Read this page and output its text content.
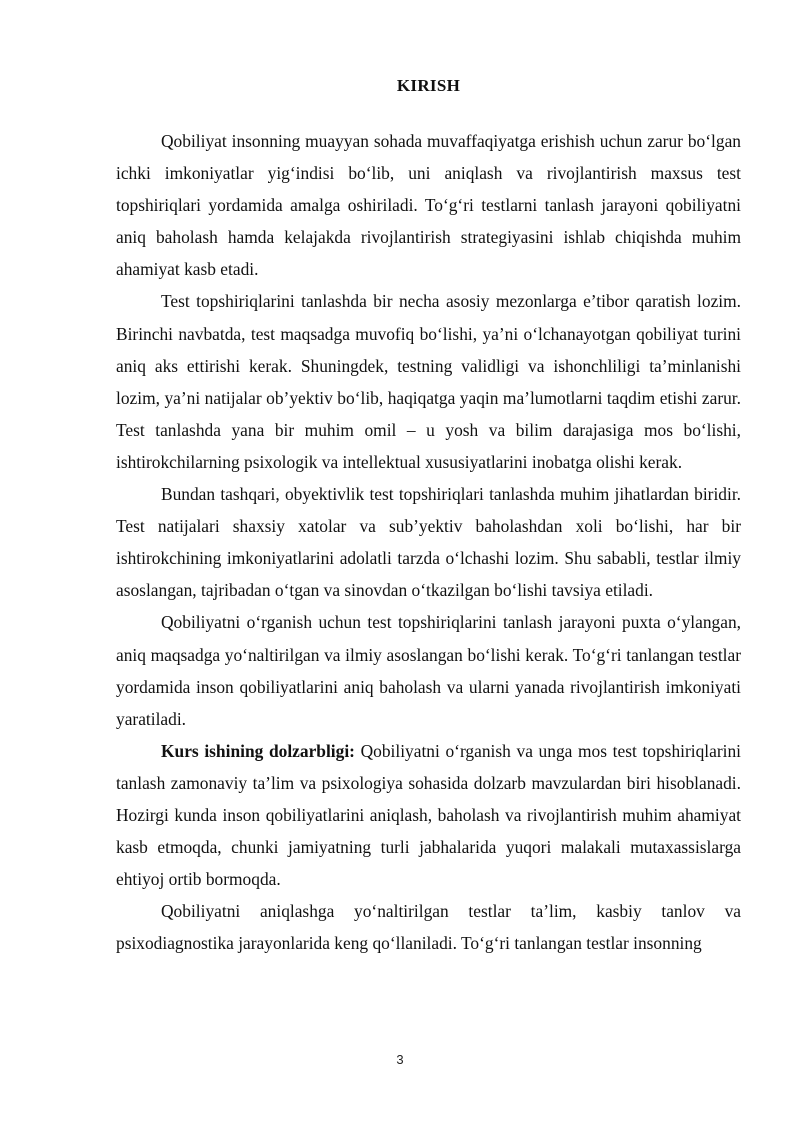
KIRISH

Qobiliyat insonning muayyan sohada muvaffaqiyatga erishish uchun zarur bo‘lgan ichki imkoniyatlar yig‘indisi bo‘lib, uni aniqlash va rivojlantirish maxsus test topshiriqlari yordamida amalga oshiriladi. To‘g‘ri testlarni tanlash jarayoni qobiliyatni aniq baholash hamda kelajakda rivojlantirish strategiyasini ishlab chiqishda muhim ahamiyat kasb etadi.

Test topshiriqlarini tanlashda bir necha asosiy mezonlarga e’tibor qaratish lozim. Birinchi navbatda, test maqsadga muvofiq bo‘lishi, ya’ni o‘lchanayotgan qobiliyat turini aniq aks ettirishi kerak. Shuningdek, testning validligi va ishonchliligi ta’minlanishi lozim, ya’ni natijalar ob’yektiv bo‘lib, haqiqatga yaqin ma’lumotlarni taqdim etishi zarur. Test tanlashda yana bir muhim omil – u yosh va bilim darajasiga mos bo‘lishi, ishtirokchilarning psixologik va intellektual xususiyatlarini inobatga olishi kerak.

Bundan tashqari, obyektivlik test topshiriqlari tanlashda muhim jihatlardan biridir. Test natijalari shaxsiy xatolar va sub’yektiv baholashdan xoli bo‘lishi, har bir ishtirokchining imkoniyatlarini adolatli tarzda o‘lchashi lozim. Shu sababli, testlar ilmiy asoslangan, tajribadan o‘tgan va sinovdan o‘tkazilgan bo‘lishi tavsiya etiladi.

Qobiliyatni o‘rganish uchun test topshiriqlarini tanlash jarayoni puxta o‘ylangan, aniq maqsadga yo‘naltirilgan va ilmiy asoslangan bo‘lishi kerak. To‘g‘ri tanlangan testlar yordamida inson qobiliyatlarini aniq baholash va ularni yanada rivojlantirish imkoniyati yaratiladi.

Kurs ishining dolzarbligi: Qobiliyatni o‘rganish va unga mos test topshiriqlarini tanlash zamonaviy ta’lim va psixologiya sohasida dolzarb mavzulardan biri hisoblanadi. Hozirgi kunda inson qobiliyatlarini aniqlash, baholash va rivojlantirish muhim ahamiyat kasb etmoqda, chunki jamiyatning turli jabhalarida yuqori malakali mutaxassislarga ehtiyoj ortib bormoqda.

Qobiliyatni aniqlashga yo‘naltirilgan testlar ta’lim, kasbiy tanlov va psixodiagnostika jarayonlarida keng qo‘llaniladi. To‘g‘ri tanlangan testlar insonning

3
